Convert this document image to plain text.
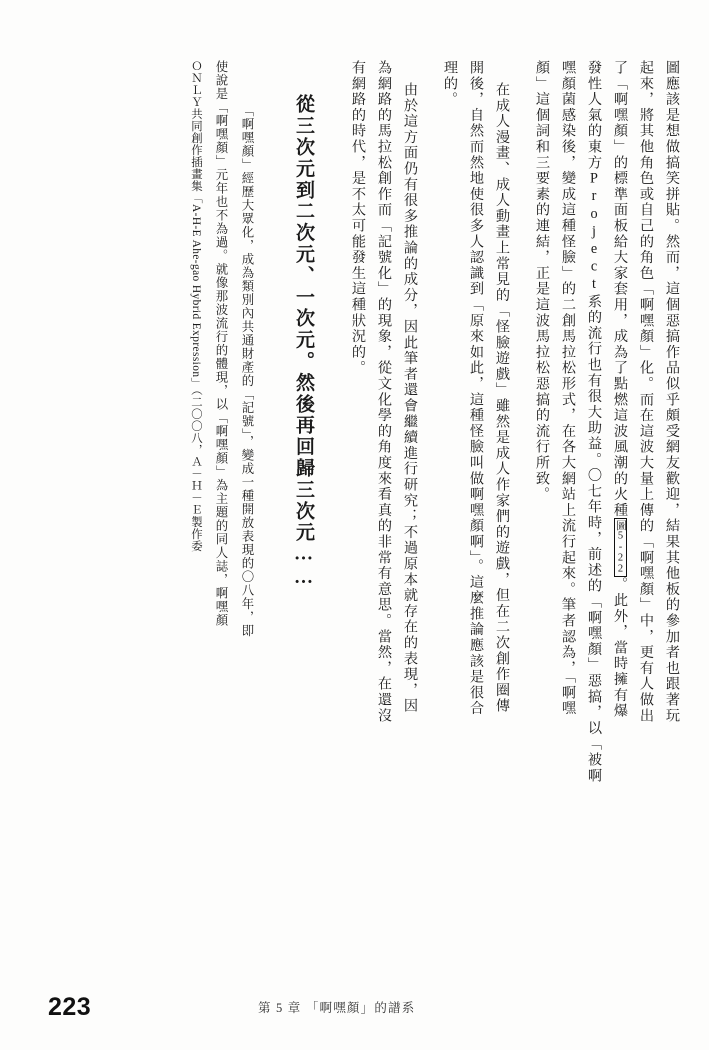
圖應該是想做搞笑拼貼。然而，這個惡搞作品似乎頗受網友歡迎，結果其他板的參加者也跟著玩
起來，將其他角色或自己的角色「啊嘿顏」化。而在這波大量上傳的「啊嘿顏」中，更有人做出
了「啊嘿顏」的標準面板給大家套用，成為了點燃這波風潮的火種圖5-22。此外，當時擁有爆
發性人氣的東方Project系的流行也有很大助益。〇七年時，前述的「啊嘿顏」惡搞，以「被啊
嘿顏菌感染後，變成這種怪臉」的二創馬拉松形式，在各大網站上流行起來。筆者認為，「啊嘿
顏」這個詞和三要素的連結，正是這波馬拉松惡搞的流行所致。
在成人漫畫、成人動畫上常見的「怪臉遊戲」雖然是成人作家們的遊戲，但在二次創作圈傳
開後，自然而然地使很多人認識到「原來如此，這種怪臉叫做啊嘿顏啊」。這麼推論應該是很合
理的。
由於這方面仍有很多推論的成分，因此筆者還會繼續進行研究；不過原本就存在的表現，因
為網路的馬拉松創作而「記號化」的現象，從文化學的角度來看真的非常有意思。當然，在還沒
有網路的時代，是不太可能發生這種狀況的。
從三次元到二次元、一次元。然後再回歸三次元……
「啊嘿顏」經歷大眾化，成為類別內共通財產的「記號」，變成一種開放表現的〇八年，即
使說是「啊嘿顏」元年也不為過。就像那波流行的體現，以「啊嘿顏」為主題的同人誌，啊嘿顏
ＯＮＬＹ共同創作插畫集「A-H-E Ahe-gao Hybrid Expression」（二〇〇八，Ａ－Ｈ－Ｅ製作委
223	第 5 章 「啊嘿顏」的譜系
